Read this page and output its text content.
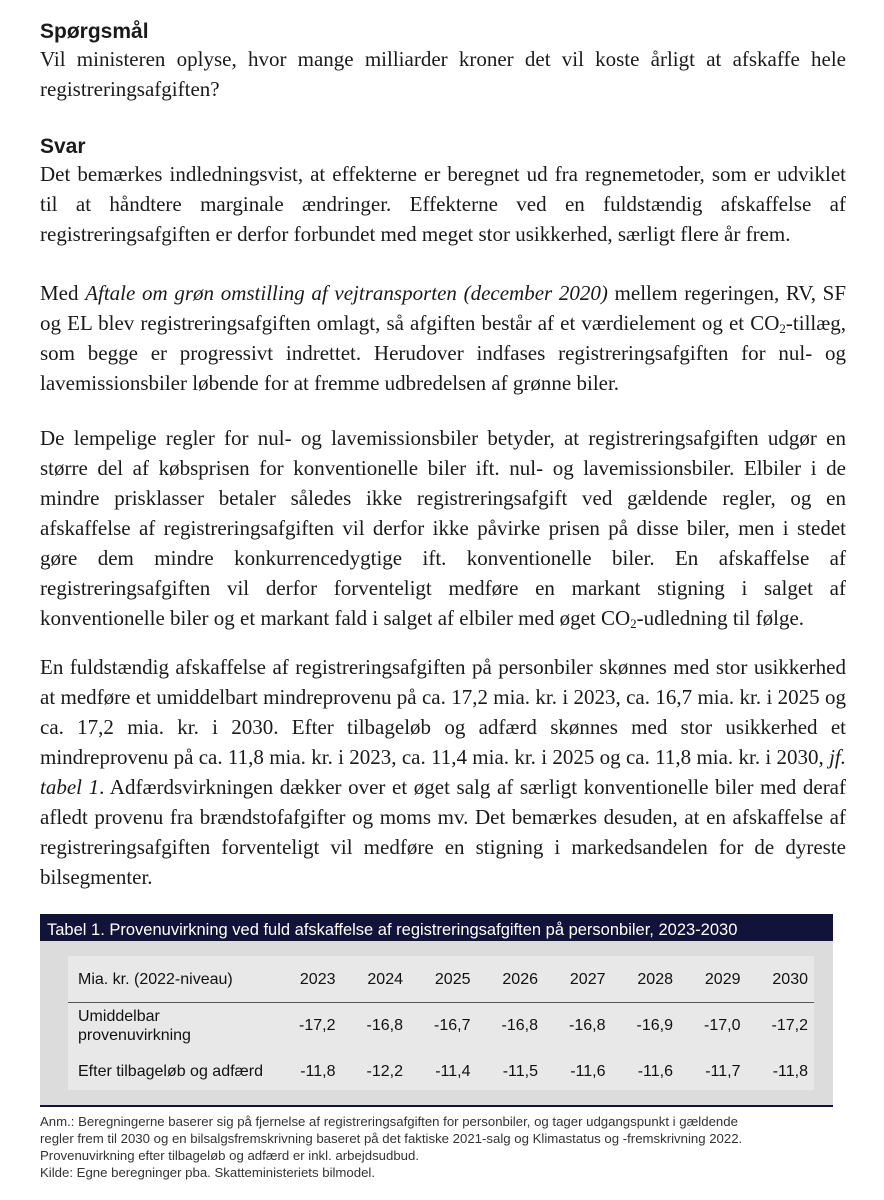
Spørgsmål

Vil ministeren oplyse, hvor mange milliarder kroner det vil koste årligt at afskaffe hele registreringsafgiften?

Svar

Det bemærkes indledningsvist, at effekterne er beregnet ud fra regnemetoder, som er udviklet til at håndtere marginale ændringer. Effekterne ved en fuldstændig afskaffelse af registreringsafgiften er derfor forbundet med meget stor usikkerhed, særligt flere år frem.

Med Aftale om grøn omstilling af vejtransporten (december 2020) mellem regeringen, RV, SF og EL blev registreringsafgiften omlagt, så afgiften består af et værdielement og et $CO_2$-tillæg, som begge er progressivt indrettet. Herudover indfases registreringsafgiften for nul- og lavemissionsbiler løbende for at fremme udbredelsen af grønne biler.

De lempelige regler for nul- og lavemissionsbiler betyder, at registreringsafgiften udgør en større del af købsprisen for konventionelle biler ift. nul- og lavemissionsbiler. Elbiler i de mindre prisklasser betaler således ikke registreringsafgift ved gældende regler, og en afskaffelse af registreringsafgiften vil derfor ikke påvirke prisen på disse biler, men i stedet gøre dem mindre konkurrencedygtige ift. konventionelle biler. En afskaffelse af registreringsafgiften vil derfor forventeligt medføre en markant stigning i salget af konventionelle biler og et markant fald i salget af elbiler med øget $CO_2$-udledning til følge.

En fuldstændig afskaffelse af registreringsafgiften på personbiler skønnes med stor usikkerhed at medføre et umiddelbart mindreprovenu på ca. 17,2 mia. kr. i 2023, ca. 16,7 mia. kr. i 2025 og ca. 17,2 mia. kr. i 2030. Efter tilbageløb og adfærd skønnes med stor usikkerhed et mindreprovenu på ca. 11,8 mia. kr. i 2023, ca. 11,4 mia. kr. i 2025 og ca. 11,8 mia. kr. i 2030, jf. tabel 1. Adfærdsvirkningen dækker over et øget salg af særligt konventionelle biler med deraf afledt provenu fra brændstofafgifter og moms mv. Det bemærkes desuden, at en afskaffelse af registreringsafgiften forventeligt vil medføre en stigning i markedsandelen for de dyreste bilsegmenter.

Tabel 1. Provenuvirkning ved fuld afskaffelse af registreringsafgiften på personbiler, 2023-2030
Mia. kr. (2022-niveau)	2023	2024	2025	2026	2027	2028	2029	2030
Umiddelbar provenuvirkning	-17,2	-16,8	-16,7	-16,8	-16,8	-16,9	-17,0	-17,2
Efter tilbageløb og adfærd	-11,8	-12,2	-11,4	-11,5	-11,6	-11,6	-11,7	-11,8
Anm.: Beregningerne baserer sig på fjernelse af registreringsafgiften for personbiler, og tager udgangspunkt i gældende
regler frem til 2030 og en bilsalgsfremskrivning baseret på det faktiske 2021-salg og Klimastatus og -fremskrivning 2022.
Provenuvirkning efter tilbageløb og adfærd er inkl. arbejdsudbud.
Kilde: Egne beregninger pba. Skatteministeriets bilmodel.
